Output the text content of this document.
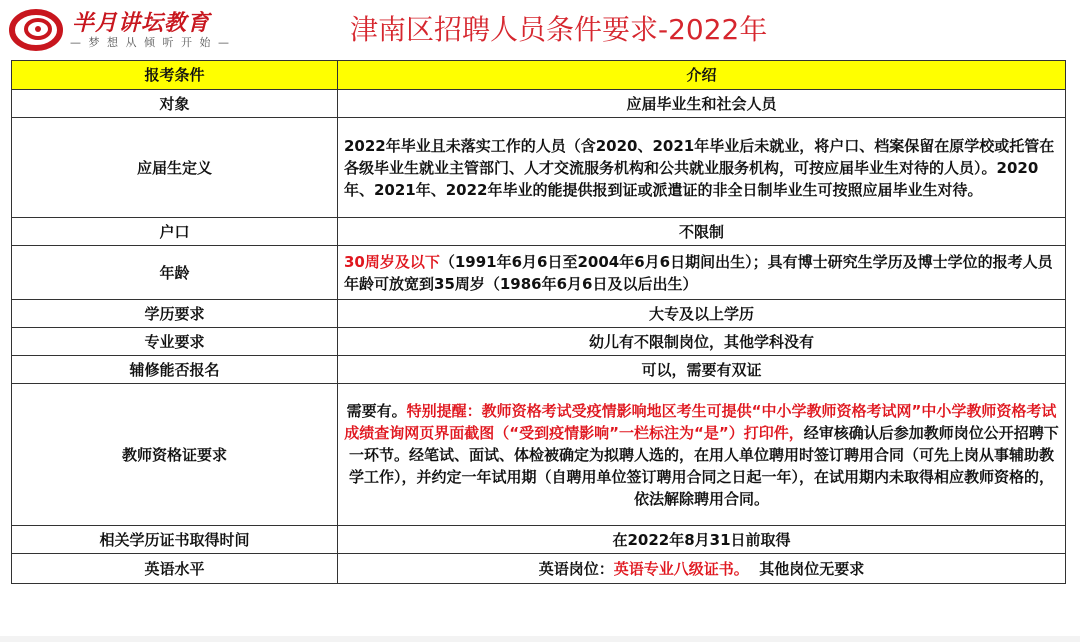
半月讲坛教育
— 梦 想 从 倾 听 开 始 —	津南区招聘人员条件要求-2022年
报考条件	介绍
对象	应届毕业生和社会人员
应届生定义	2022年毕业且未落实工作的人员（含2020、2021年毕业后未就业，将户口、档案保留在原学校或托管在各级毕业生就业主管部门、人才交流服务机构和公共就业服务机构，可按应届毕业生对待的人员）。2020年、2021年、2022年毕业的能提供报到证或派遣证的非全日制毕业生可按照应届毕业生对待。
户口	不限制
年龄	30周岁及以下（1991年6月6日至2004年6月6日期间出生）；具有博士研究生学历及博士学位的报考人员年龄可放宽到35周岁（1986年6月6日及以后出生）
学历要求	大专及以上学历
专业要求	幼儿有不限制岗位，其他学科没有
辅修能否报名	可以，需要有双证
教师资格证要求	需要有。特别提醒：教师资格考试受疫情影响地区考生可提供“中小学教师资格考试网”中小学教师资格考试成绩查询网页界面截图（“受到疫情影响”一栏标注为“是”）打印件，经审核确认后参加教师岗位公开招聘下一环节。经笔试、面试、体检被确定为拟聘人选的，在用人单位聘用时签订聘用合同（可先上岗从事辅助教学工作），并约定一年试用期（自聘用单位签订聘用合同之日起一年），在试用期内未取得相应教师资格的，依法解除聘用合同。
相关学历证书取得时间	在2022年8月31日前取得
英语水平	英语岗位：英语专业八级证书。  其他岗位无要求
